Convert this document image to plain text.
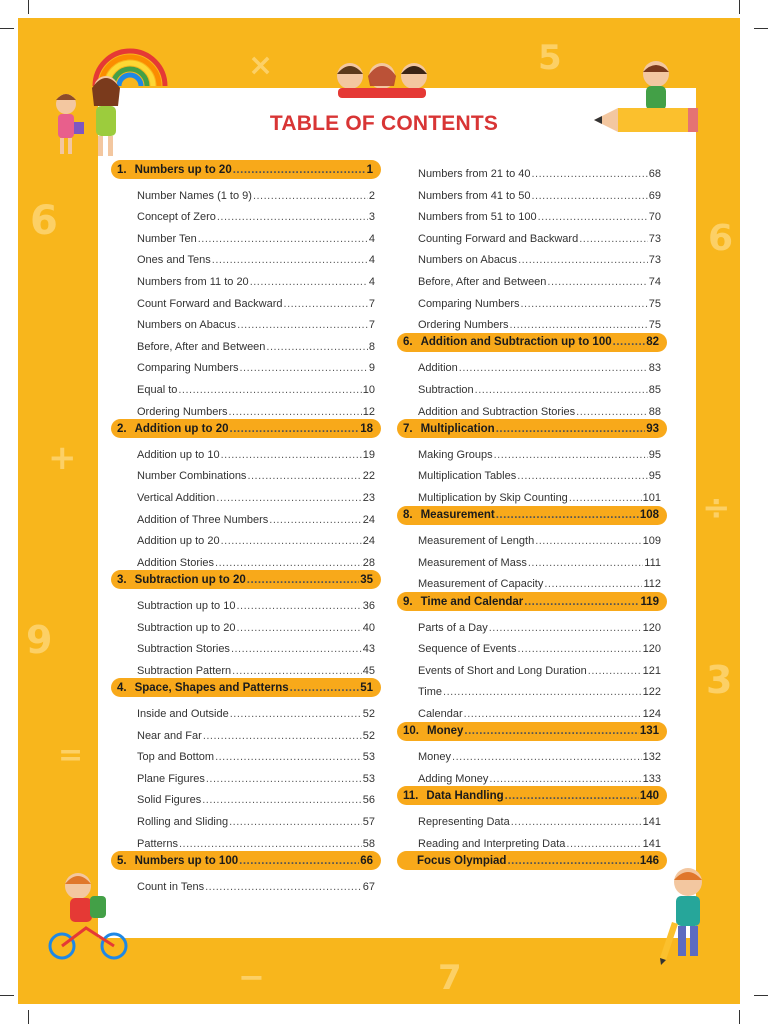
6
+
9
=
6
÷
3
5
×
7
−
TABLE OF CONTENTS
1. Numbers up to 20 .....	1
Number Names (1 to 9) .....	2
Concept of Zero .....	3
Number Ten .....	4
Ones and Tens .....	4
Numbers from 11 to 20 .....	4
Count Forward and Backward .....	7
Numbers on Abacus .....	7
Before, After and Between .....	8
Comparing Numbers .....	9
Equal to .....	10
Ordering Numbers .....	12
2. Addition up to 20 .....	18
Addition up to 10 .....	19
Number Combinations .....	22
Vertical Addition .....	23
Addition of Three Numbers .....	24
Addition up to 20 .....	24
Addition Stories .....	28
3. Subtraction up to 20 .....	35
Subtraction up to 10 .....	36
Subtraction up to 20 .....	40
Subtraction Stories .....	43
Subtraction Pattern .....	45
4. Space, Shapes and Patterns .....	51
Inside and Outside .....	52
Near and Far .....	52
Top and Bottom .....	53
Plane Figures .....	53
Solid Figures .....	56
Rolling and Sliding .....	57
Patterns .....	58
5. Numbers up to 100 .....	66
Count in Tens .....	67
Numbers from 21 to 40 .....	68
Numbers from 41 to 50 .....	69
Numbers from 51 to 100 .....	70
Counting Forward and Backward .....	73
Numbers on Abacus .....	73
Before, After and Between .....	74
Comparing Numbers .....	75
Ordering Numbers .....	75
6. Addition and Subtraction up to 100 .....	82
Addition .....	83
Subtraction .....	85
Addition and Subtraction Stories .....	88
7. Multiplication .....	93
Making Groups .....	95
Multiplication Tables .....	95
Multiplication by Skip Counting .....	101
8. Measurement .....	108
Measurement of Length .....	109
Measurement of Mass .....	111
Measurement of Capacity .....	112
9. Time and Calendar .....	119
Parts of a Day .....	120
Sequence of Events .....	120
Events of Short and Long Duration .....	121
Time .....	122
Calendar .....	124
10. Money .....	131
Money .....	132
Adding Money .....	133
11. Data Handling .....	140
Representing Data .....	141
Reading and Interpreting Data .....	141
Focus Olympiad .....	146
